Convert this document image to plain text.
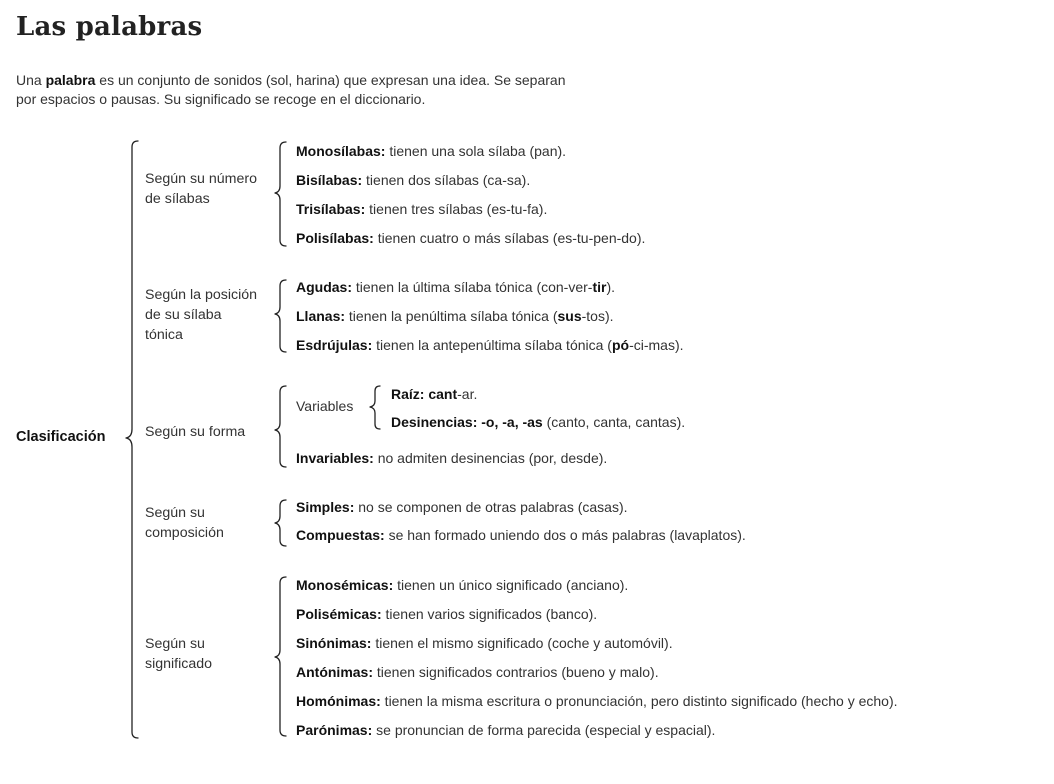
Las palabras
Una palabra es un conjunto de sonidos (sol, harina) que expresan una idea. Se separan
por espacios o pausas. Su significado se recoge en el diccionario.
Clasificación
Según su número
de sílabas
Monosílabas: tienen una sola sílaba (pan).
Bisílabas: tienen dos sílabas (ca-sa).
Trisílabas: tienen tres sílabas (es-tu-fa).
Polisílabas: tienen cuatro o más sílabas (es-tu-pen-do).
Según la posición
de su sílaba
tónica
Agudas: tienen la última sílaba tónica (con-ver-tir).
Llanas: tienen la penúltima sílaba tónica (sus-tos).
Esdrújulas: tienen la antepenúltima sílaba tónica (pó-ci-mas).
Según su forma
Variables
Raíz: cant-ar.
Desinencias: -o, -a, -as (canto, canta, cantas).
Invariables: no admiten desinencias (por, desde).
Según su
composición
Simples: no se componen de otras palabras (casas).
Compuestas: se han formado uniendo dos o más palabras (lavaplatos).
Según su
significado
Monosémicas: tienen un único significado (anciano).
Polisémicas: tienen varios significados (banco).
Sinónimas: tienen el mismo significado (coche y automóvil).
Antónimas: tienen significados contrarios (bueno y malo).
Homónimas: tienen la misma escritura o pronunciación, pero distinto significado (hecho y echo).
Parónimas: se pronuncian de forma parecida (especial y espacial).
